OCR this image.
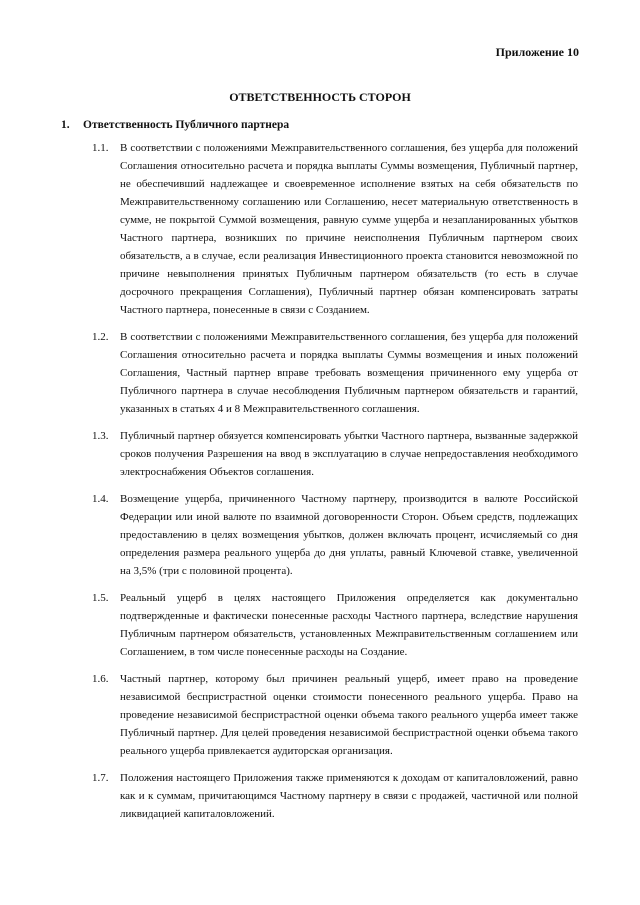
Приложение 10
ОТВЕТСТВЕННОСТЬ СТОРОН
1. Ответственность Публичного партнера
1.1. В соответствии с положениями Межправительственного соглашения, без ущерба для положений Соглашения относительно расчета и порядка выплаты Суммы возмещения, Публичный партнер, не обеспечивший надлежащее и своевременное исполнение взятых на себя обязательств по Межправительственному соглашению или Соглашению, несет материальную ответственность в сумме, не покрытой Суммой возмещения, равную сумме ущерба и незапланированных убытков Частного партнера, возникших по причине неисполнения Публичным партнером своих обязательств, а в случае, если реализация Инвестиционного проекта становится невозможной по причине невыполнения принятых Публичным партнером обязательств (то есть в случае досрочного прекращения Соглашения), Публичный партнер обязан компенсировать затраты Частного партнера, понесенные в связи с Созданием.
1.2. В соответствии с положениями Межправительственного соглашения, без ущерба для положений Соглашения относительно расчета и порядка выплаты Суммы возмещения и иных положений Соглашения, Частный партнер вправе требовать возмещения причиненного ему ущерба от Публичного партнера в случае несоблюдения Публичным партнером обязательств и гарантий, указанных в статьях 4 и 8 Межправительственного соглашения.
1.3. Публичный партнер обязуется компенсировать убытки Частного партнера, вызванные задержкой сроков получения Разрешения на ввод в эксплуатацию в случае непредоставления необходимого электроснабжения Объектов соглашения.
1.4. Возмещение ущерба, причиненного Частному партнеру, производится в валюте Российской Федерации или иной валюте по взаимной договоренности Сторон. Объем средств, подлежащих предоставлению в целях возмещения убытков, должен включать процент, исчисляемый со дня определения размера реального ущерба до дня уплаты, равный Ключевой ставке, увеличенной на 3,5% (три с половиной процента).
1.5. Реальный ущерб в целях настоящего Приложения определяется как документально подтвержденные и фактически понесенные расходы Частного партнера, вследствие нарушения Публичным партнером обязательств, установленных Межправительственным соглашением или Соглашением, в том числе понесенные расходы на Создание.
1.6. Частный партнер, которому был причинен реальный ущерб, имеет право на проведение независимой беспристрастной оценки стоимости понесенного реального ущерба. Право на проведение независимой беспристрастной оценки объема такого реального ущерба имеет также Публичный партнер. Для целей проведения независимой беспристрастной оценки объема такого реального ущерба привлекается аудиторская организация.
1.7. Положения настоящего Приложения также применяются к доходам от капиталовложений, равно как и к суммам, причитающимся Частному партнеру в связи с продажей, частичной или полной ликвидацией капиталовложений.
